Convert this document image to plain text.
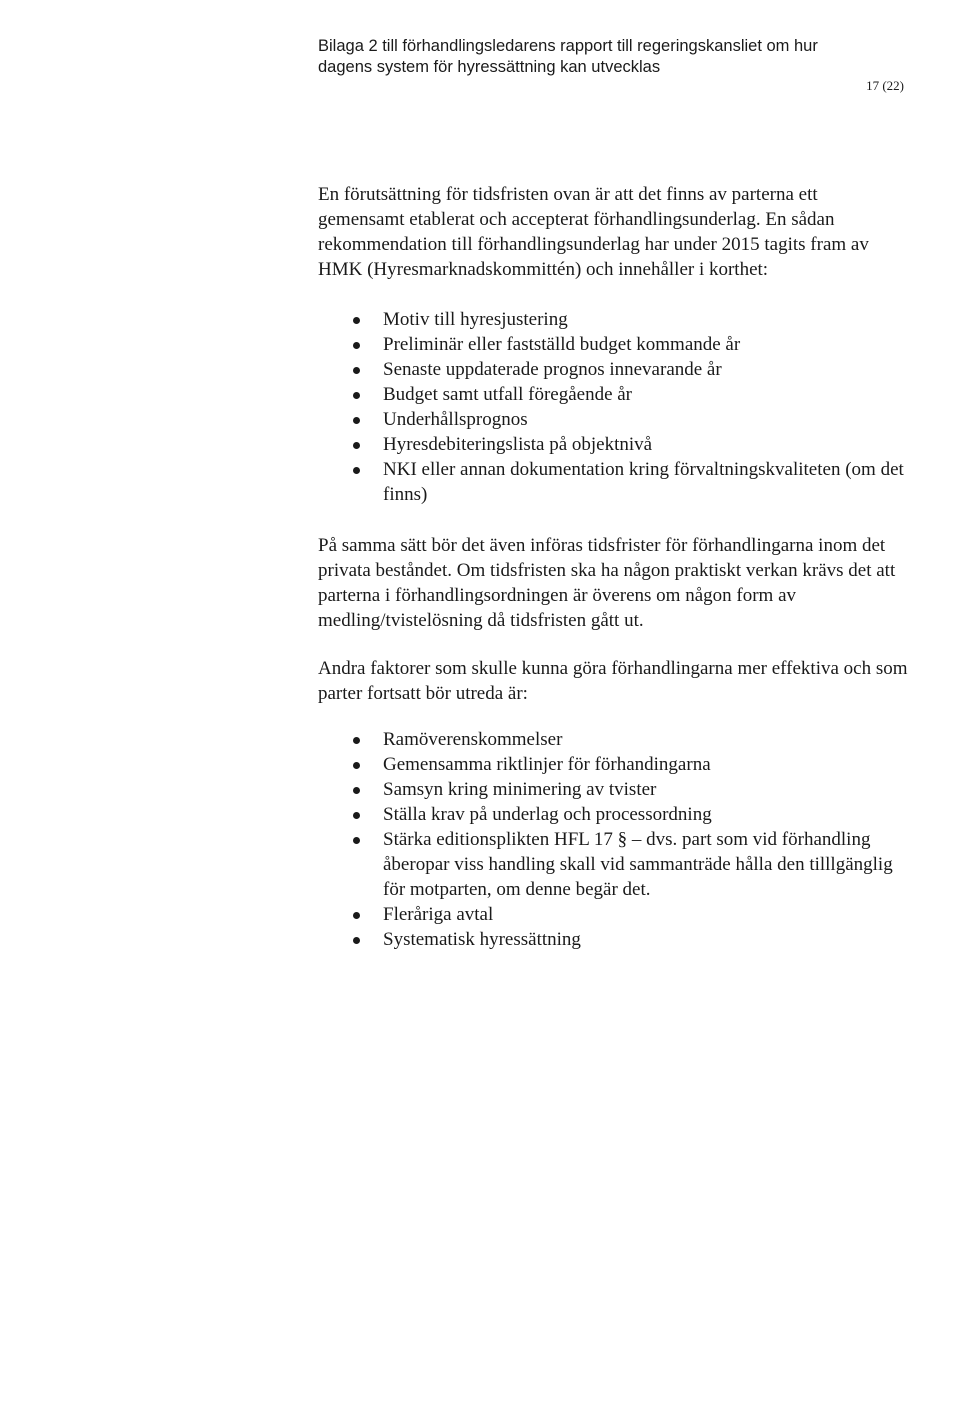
Bilaga 2 till förhandlingsledarens rapport till regeringskansliet om hur
dagens system för hyressättning kan utvecklas
17 (22)

En förutsättning för tidsfristen ovan är att det finns av parterna ett gemensamt etablerat och accepterat förhandlingsunderlag. En sådan rekommendation till förhandlingsunderlag har under 2015 tagits fram av HMK (Hyresmarknadskommittén) och innehåller i korthet:

Motiv till hyresjustering
Preliminär eller fastställd budget kommande år
Senaste uppdaterade prognos innevarande år
Budget samt utfall föregående år
Underhållsprognos
Hyresdebiteringslista på objektnivå
NKI eller annan dokumentation kring förvaltningskvaliteten (om det finns)

På samma sätt bör det även införas tidsfrister för förhandlingarna inom det privata beståndet. Om tidsfristen ska ha någon praktiskt verkan krävs det att parterna i förhandlingsordningen är överens om någon form av medling/tvistelösning då tidsfristen gått ut.

Andra faktorer som skulle kunna göra förhandlingarna mer effektiva och som parter fortsatt bör utreda är:

Ramöverenskommelser
Gemensamma riktlinjer för förhandingarna
Samsyn kring minimering av tvister
Ställa krav på underlag och processordning
Stärka editionsplikten HFL 17 § – dvs. part som vid förhandling åberopar viss handling skall vid sammanträde hålla den tilllgänglig för motparten, om denne begär det.
Fleråriga avtal
Systematisk hyressättning
